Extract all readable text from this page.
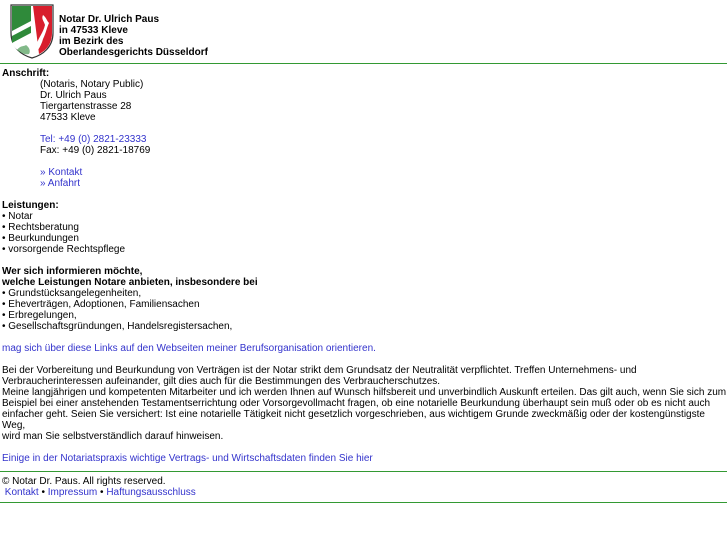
Notar Dr. Ulrich Paus
in 47533 Kleve
im Bezirk des
Oberlandesgerichts Düsseldorf
Anschrift:
(Notaris, Notary Public)
Dr. Ulrich Paus
Tiergartenstrasse 28
47533 Kleve
Tel: +49 (0) 2821-23333
Fax: +49 (0) 2821-18769
» Kontakt
» Anfahrt
Leistungen:
• Notar
• Rechtsberatung
• Beurkundungen
• vorsorgende Rechtspflege
Wer sich informieren möchte,
welche Leistungen Notare anbieten, insbesondere bei
• Grundstücksangelegenheiten,
• Eheverträgen, Adoptionen, Familiensachen
• Erbregelungen,
• Gesellschaftsgründungen, Handelsregistersachen,
mag sich über diese Links auf den Webseiten meiner Berufsorganisation orientieren.
Bei der Vorbereitung und Beurkundung von Verträgen ist der Notar strikt dem Grundsatz der Neutralität verpflichtet. Treffen Unternehmens- und
Verbraucherinteressen aufeinander, gilt dies auch für die Bestimmungen des Verbraucherschutzes.
Meine langjährigen und kompetenten Mitarbeiter und ich werden Ihnen auf Wunsch hilfsbereit und unverbindlich Auskunft erteilen. Das gilt auch, wenn Sie sich zum
Beispiel bei einer anstehenden Testamentserrichtung oder Vorsorgevollmacht fragen, ob eine notarielle Beurkundung überhaupt sein muß oder ob es nicht auch
einfacher geht. Seien Sie versichert: Ist eine notarielle Tätigkeit nicht gesetzlich vorgeschrieben, aus wichtigem Grunde zweckmäßig oder der kostengünstigste Weg,
wird man Sie selbstverständlich darauf hinweisen.
Einige in der Notariatspraxis wichtige Vertrags- und Wirtschaftsdaten finden Sie hier
© Notar Dr. Paus. All rights reserved.
Kontakt • Impressum • Haftungsausschluss
